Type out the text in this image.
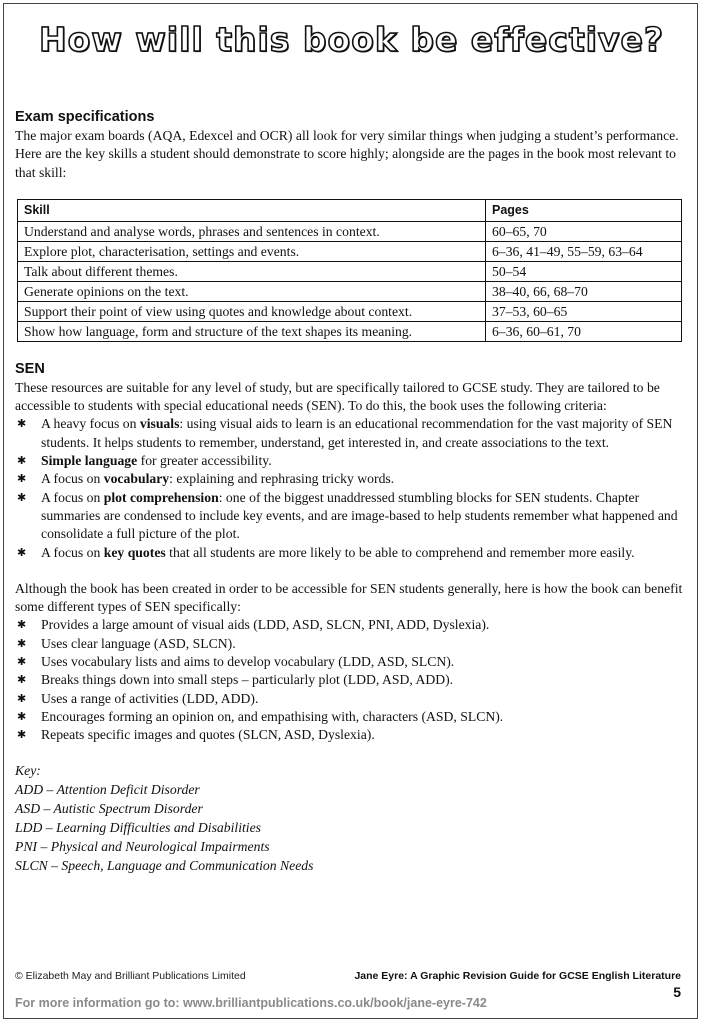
How will this book be effective?
Exam specifications

The major exam boards (AQA, Edexcel and OCR) all look for very similar things when judging a student’s performance. Here are the key skills a student should demonstrate to score highly; alongside are the pages in the book most relevant to that skill:

Skill	Pages
Understand and analyse words, phrases and sentences in context.	60–65, 70
Explore plot, characterisation, settings and events.	6–36, 41–49, 55–59, 63–64
Talk about different themes.	50–54
Generate opinions on the text.	38–40, 66, 68–70
Support their point of view using quotes and knowledge about context.	37–53, 60–65
Show how language, form and structure of the text shapes its meaning.	6–36, 60–61, 70
SEN

These resources are suitable for any level of study, but are specifically tailored to GCSE study. They are tailored to be accessible to students with special educational needs (SEN). To do this, the book uses the following criteria:

✱ A heavy focus on visuals: using visual aids to learn is an educational recommendation for the vast majority of SEN students. It helps students to remember, understand, get interested in, and create associations to the text.
✱ Simple language for greater accessibility.
✱ A focus on vocabulary: explaining and rephrasing tricky words.
✱ A focus on plot comprehension: one of the biggest unaddressed stumbling blocks for SEN students. Chapter summaries are condensed to include key events, and are image-based to help students remember what happened and consolidate a full picture of the plot.
✱ A focus on key quotes that all students are more likely to be able to comprehend and remember more easily.

Although the book has been created in order to be accessible for SEN students generally, here is how the book can benefit some different types of SEN specifically:

✱ Provides a large amount of visual aids (LDD, ASD, SLCN, PNI, ADD, Dyslexia).
✱ Uses clear language (ASD, SLCN).
✱ Uses vocabulary lists and aims to develop vocabulary (LDD, ASD, SLCN).
✱ Breaks things down into small steps – particularly plot (LDD, ASD, ADD).
✱ Uses a range of activities (LDD, ADD).
✱ Encourages forming an opinion on, and empathising with, characters (ASD, SLCN).
✱ Repeats specific images and quotes (SLCN, ASD, Dyslexia).
Key:
ADD – Attention Deficit Disorder
ASD – Autistic Spectrum Disorder
LDD – Learning Difficulties and Disabilities
PNI – Physical and Neurological Impairments
SLCN – Speech, Language and Communication Needs
© Elizabeth May and Brilliant Publications Limited	Jane Eyre: A Graphic Revision Guide for GCSE English Literature
5
For more information go to: www.brilliantpublications.co.uk/book/jane-eyre-742
